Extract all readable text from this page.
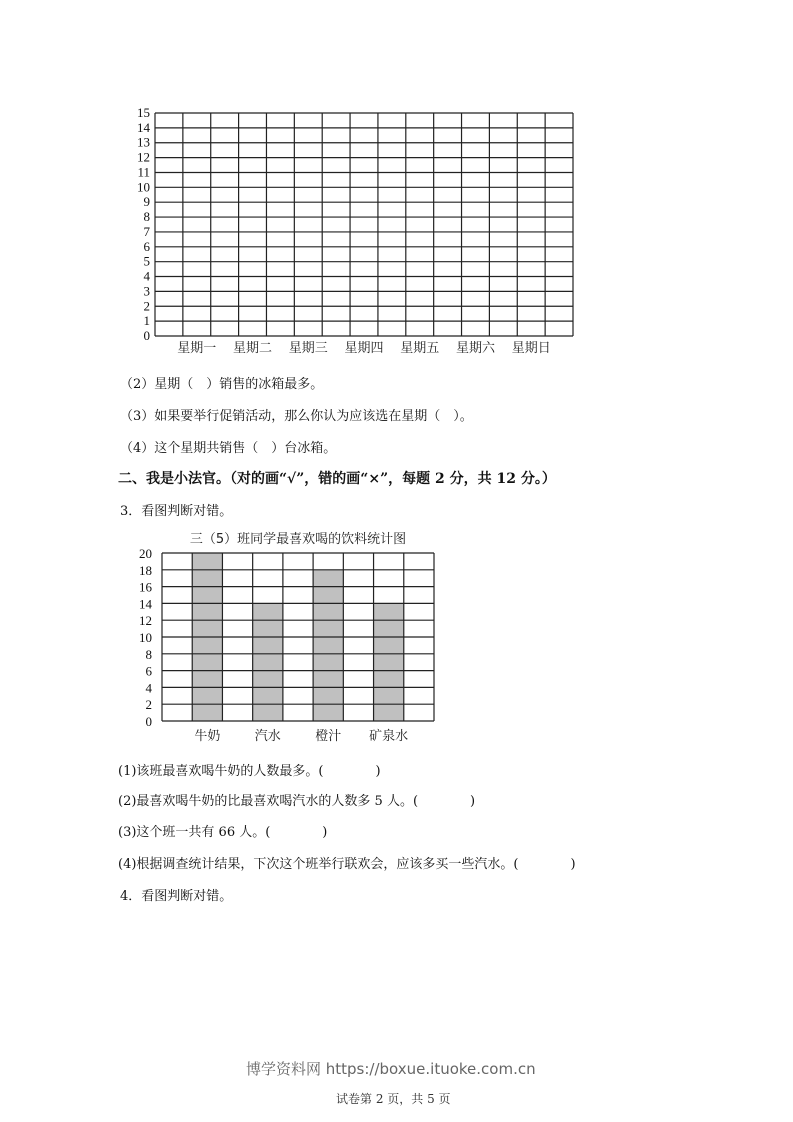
0
1
2
3
4
5
6
7
8
9
10
11
12
13
14
15
星期一 星期二 星期三 星期四 星期五 星期六 星期日
（2）星期（　）销售的冰箱最多。
（3）如果要举行促销活动，那么你认为应该选在星期（　）。
（4）这个星期共销售（　）台冰箱。
二、我是小法官。（对的画“√”，错的画“×”，每题 2 分，共 12 分。）
3．看图判断对错。
三（5）班同学最喜欢喝的饮料统计图
0
2
4
6
8
10
12
14
16
18
20
牛奶	汽水	橙汁 矿泉水
(1)该班最喜欢喝牛奶的人数最多。(　　　　)
(2)最喜欢喝牛奶的比最喜欢喝汽水的人数多 5 人。(　　　　)
(3)这个班一共有 66 人。(　　　　)
(4)根据调查统计结果，下次这个班举行联欢会，应该多买一些汽水。(　　　　)
4．看图判断对错。
博学资料网 https://boxue.ituoke.com.cn
试卷第 2 页，共 5 页
